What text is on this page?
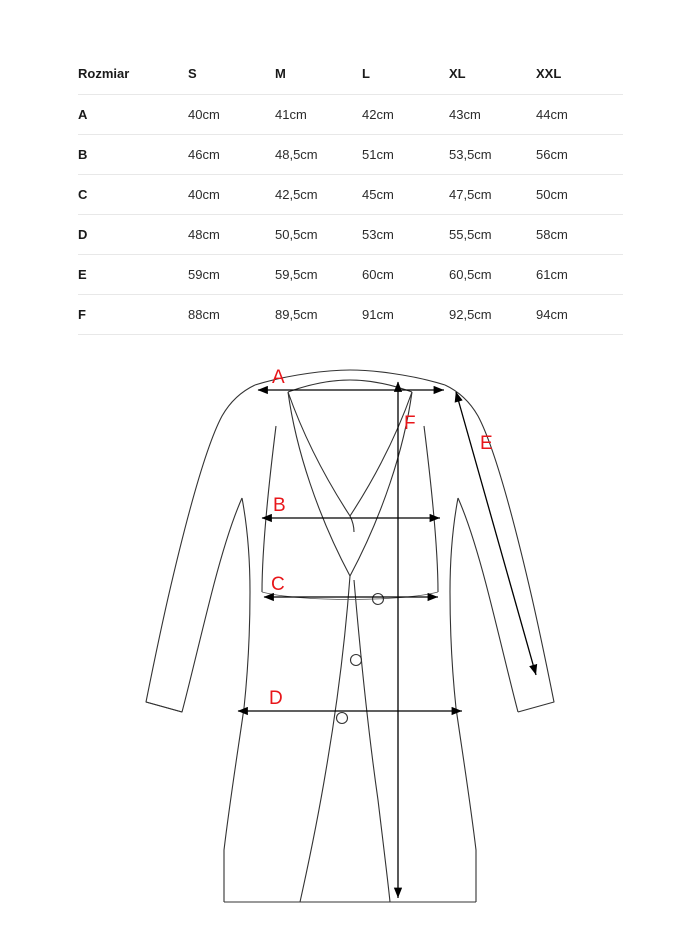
Rozmiar	S	M	L	XL	XXL
A	40cm	41cm	42cm	43cm	44cm
B	46cm	48,5cm	51cm	53,5cm	56cm
C	40cm	42,5cm	45cm	47,5cm	50cm
D	48cm	50,5cm	53cm	55,5cm	58cm
E	59cm	59,5cm	60cm	60,5cm	61cm
F	88cm	89,5cm	91cm	92,5cm	94cm
A
B
C
D
E
F
